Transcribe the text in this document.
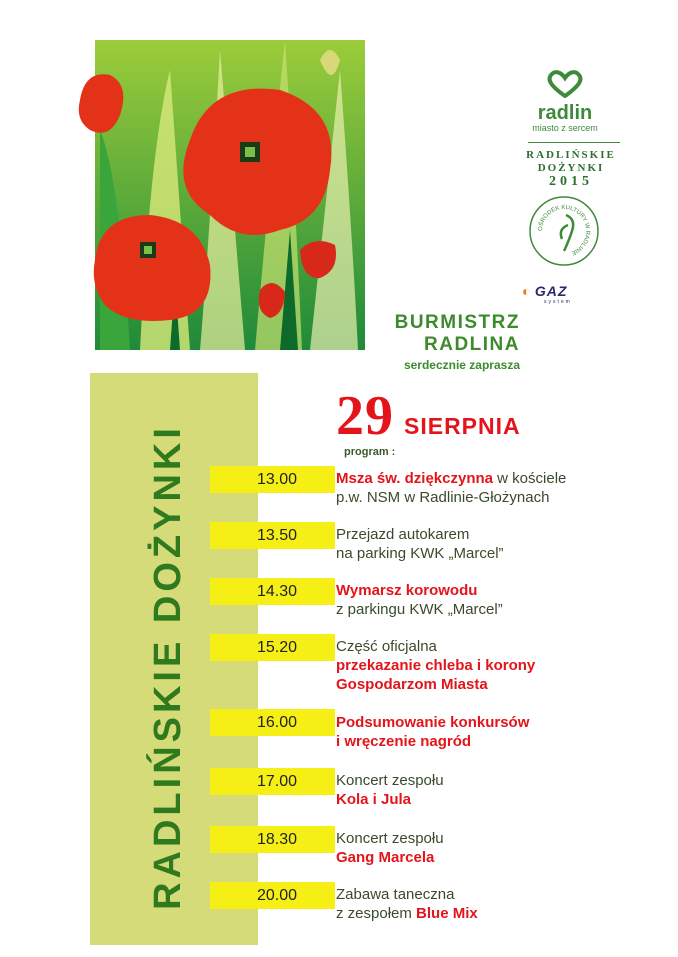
radlin
miasto z sercem
RADLIŃSKIE
DOŻYNKI
2015
OŚRODEK KULTURY W RADLINIE
◐ GAZ
system
BURMISTRZ
RADLINA
serdecznie zaprasza
RADLIŃSKIE DOŻYNKI
29 SIERPNIA
program :
13.00	Msza św. dziękczynna w kościele
p.w. NSM w Radlinie-Głożynach
13.50	Przejazd autokarem
na parking KWK „Marcel”
14.30	Wymarsz korowodu
z parkingu KWK „Marcel”
15.20	Część oficjalna
przekazanie chleba i korony
Gospodarzom Miasta
16.00	Podsumowanie konkursów
i wręczenie nagród
17.00	Koncert zespołu
Kola i Jula
18.30	Koncert zespołu
Gang Marcela
20.00	Zabawa taneczna
z zespołem Blue Mix
